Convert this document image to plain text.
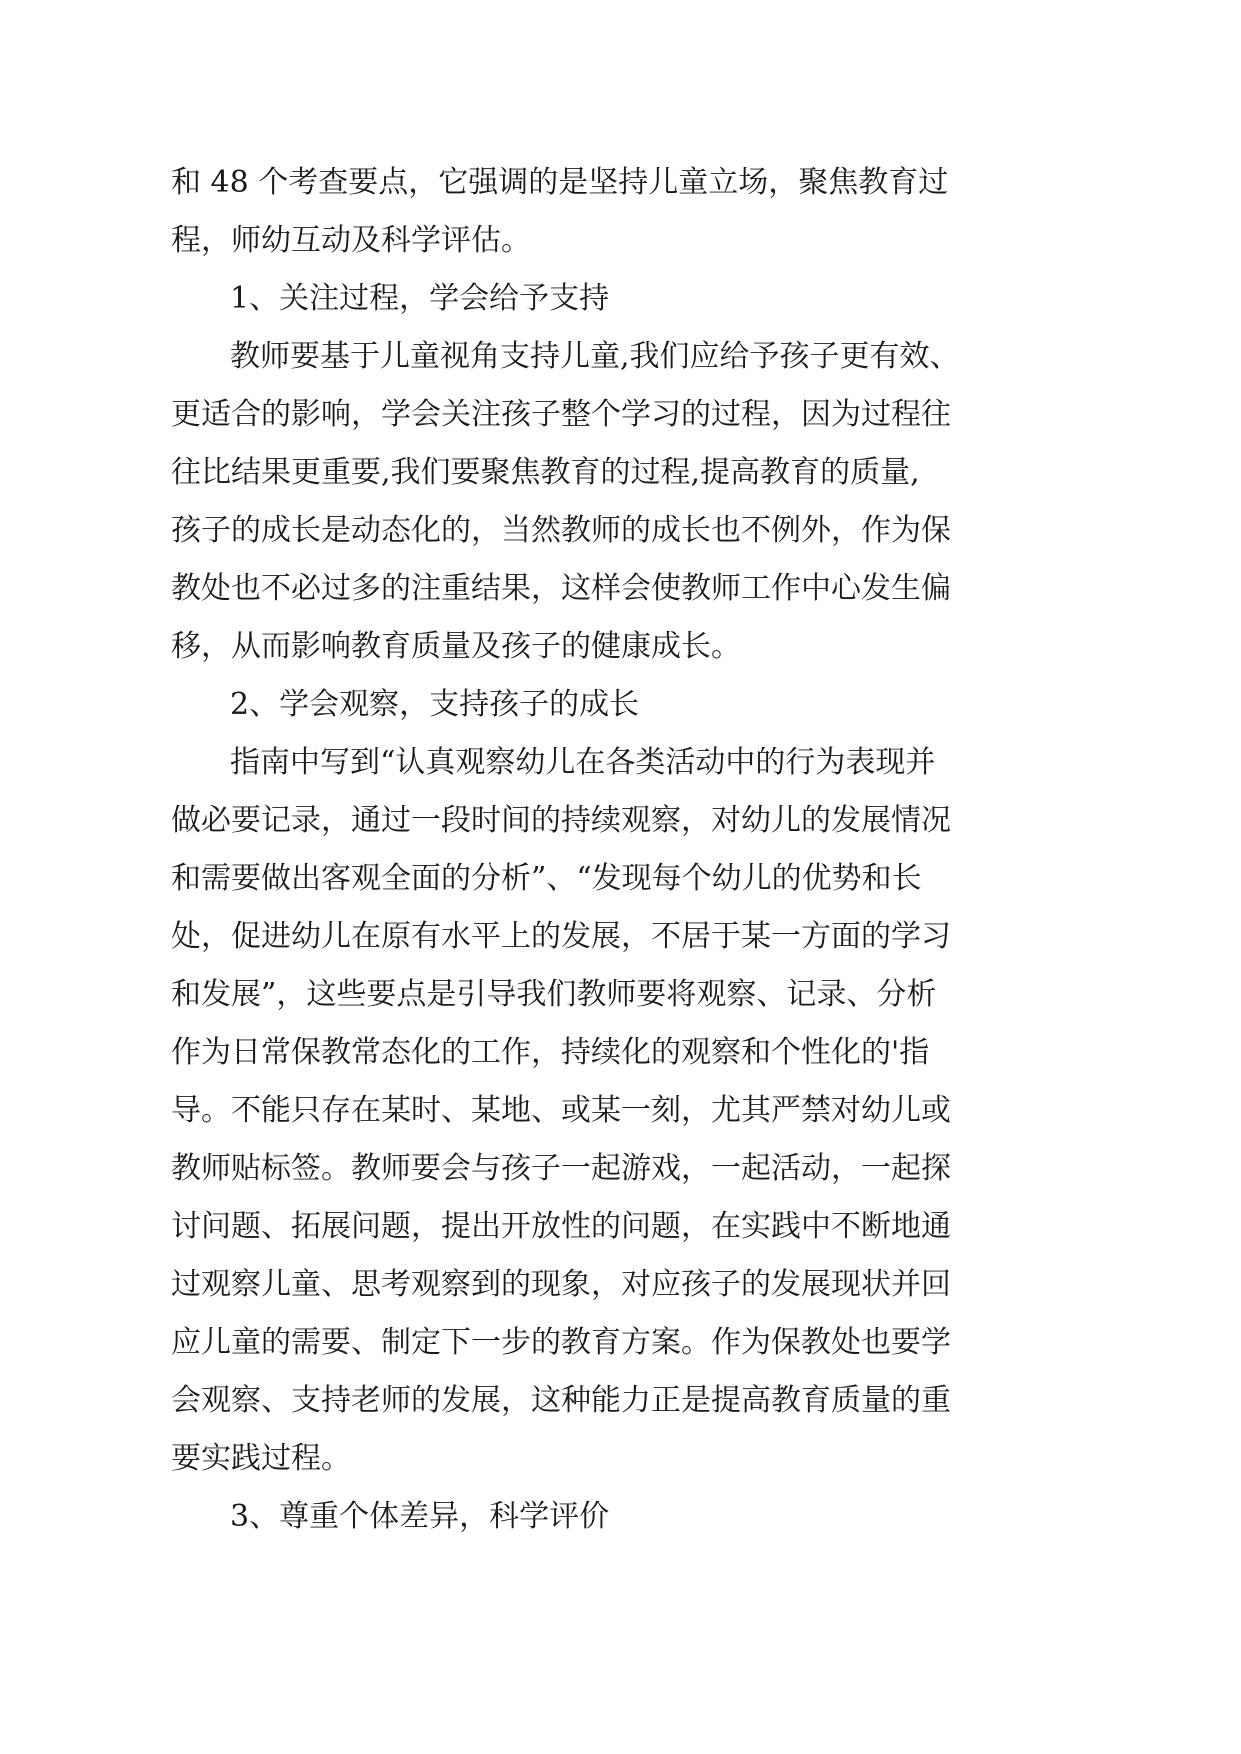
和 48 个考查要点，它强调的是坚持儿童立场，聚焦教育过

程，师幼互动及科学评估。

1、关注过程，学会给予支持

教师要基于儿童视角支持儿童,我们应给予孩子更有效、

更适合的影响，学会关注孩子整个学习的过程，因为过程往

往比结果更重要,我们要聚焦教育的过程,提高教育的质量,

孩子的成长是动态化的，当然教师的成长也不例外，作为保

教处也不必过多的注重结果，这样会使教师工作中心发生偏

移，从而影响教育质量及孩子的健康成长。

2、学会观察，支持孩子的成长

指南中写到“认真观察幼儿在各类活动中的行为表现并

做必要记录，通过一段时间的持续观察，对幼儿的发展情况

和需要做出客观全面的分析”、“发现每个幼儿的优势和长

处，促进幼儿在原有水平上的发展，不居于某一方面的学习

和发展”，这些要点是引导我们教师要将观察、记录、分析

作为日常保教常态化的工作，持续化的观察和个性化的'指

导。不能只存在某时、某地、或某一刻，尤其严禁对幼儿或

教师贴标签。教师要会与孩子一起游戏，一起活动，一起探

讨问题、拓展问题，提出开放性的问题，在实践中不断地通

过观察儿童、思考观察到的现象，对应孩子的发展现状并回

应儿童的需要、制定下一步的教育方案。作为保教处也要学

会观察、支持老师的发展，这种能力正是提高教育质量的重

要实践过程。

3、尊重个体差异，科学评价
